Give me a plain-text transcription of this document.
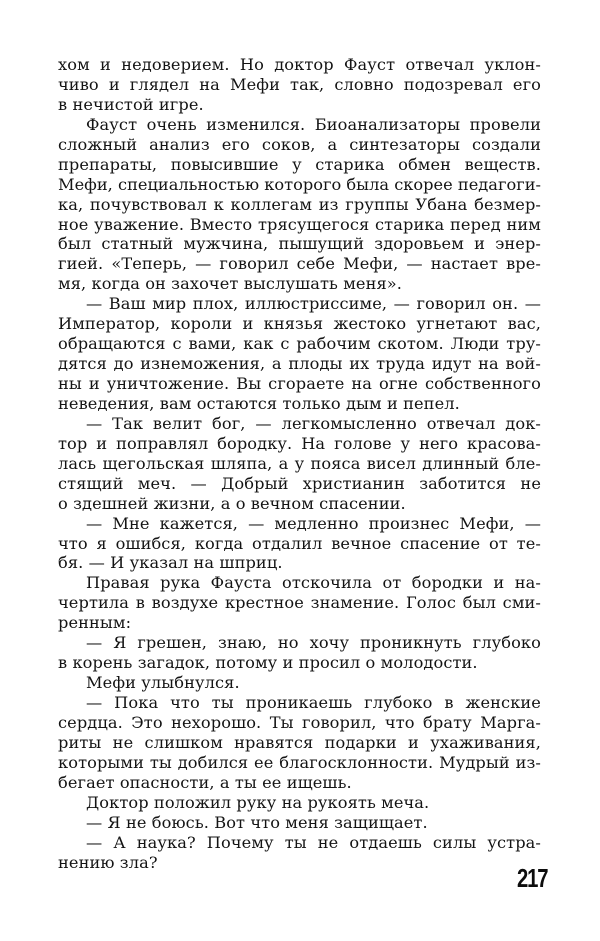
хом и недоверием. Но доктор Фауст отвечал уклон-
чиво и глядел на Мефи так, словно подозревал его
в нечистой игре.
Фауст очень изменился. Биоанализаторы провели
сложный анализ его соков, а синтезаторы создали
препараты, повысившие у старика обмен веществ.
Мефи, специальностью которого была скорее педагоги-
ка, почувствовал к коллегам из группы Убана безмер-
ное уважение. Вместо трясущегося старика перед ним
был статный мужчина, пышущий здоровьем и энер-
гией. «Теперь, — говорил себе Мефи, — настает вре-
мя, когда он захочет выслушать меня».
— Ваш мир плох, иллюстриссиме, — говорил он. —
Император, короли и князья жестоко угнетают вас,
обращаются с вами, как с рабочим скотом. Люди тру-
дятся до изнеможения, а плоды их труда идут на вой-
ны и уничтожение. Вы сгораете на огне собственного
неведения, вам остаются только дым и пепел.
— Так велит бог, — легкомысленно отвечал док-
тор и поправлял бородку. На голове у него красова-
лась щегольская шляпа, а у пояса висел длинный бле-
стящий меч. — Добрый христианин заботится не
о здешней жизни, а о вечном спасении.
— Мне кажется, — медленно произнес Мефи, —
что я ошибся, когда отдалил вечное спасение от те-
бя. — И указал на шприц.
Правая рука Фауста отскочила от бородки и на-
чертила в воздухе крестное знамение. Голос был сми-
ренным:
— Я грешен, знаю, но хочу проникнуть глубоко
в корень загадок, потому и просил о молодости.
Мефи улыбнулся.
— Пока что ты проникаешь глубоко в женские
сердца. Это нехорошо. Ты говорил, что брату Марга-
риты не слишком нравятся подарки и ухаживания,
которыми ты добился ее благосклонности. Мудрый из-
бегает опасности, а ты ее ищешь.
Доктор положил руку на рукоять меча.
— Я не боюсь. Вот что меня защищает.
— А наука? Почему ты не отдаешь силы устра-
нению зла?
217
